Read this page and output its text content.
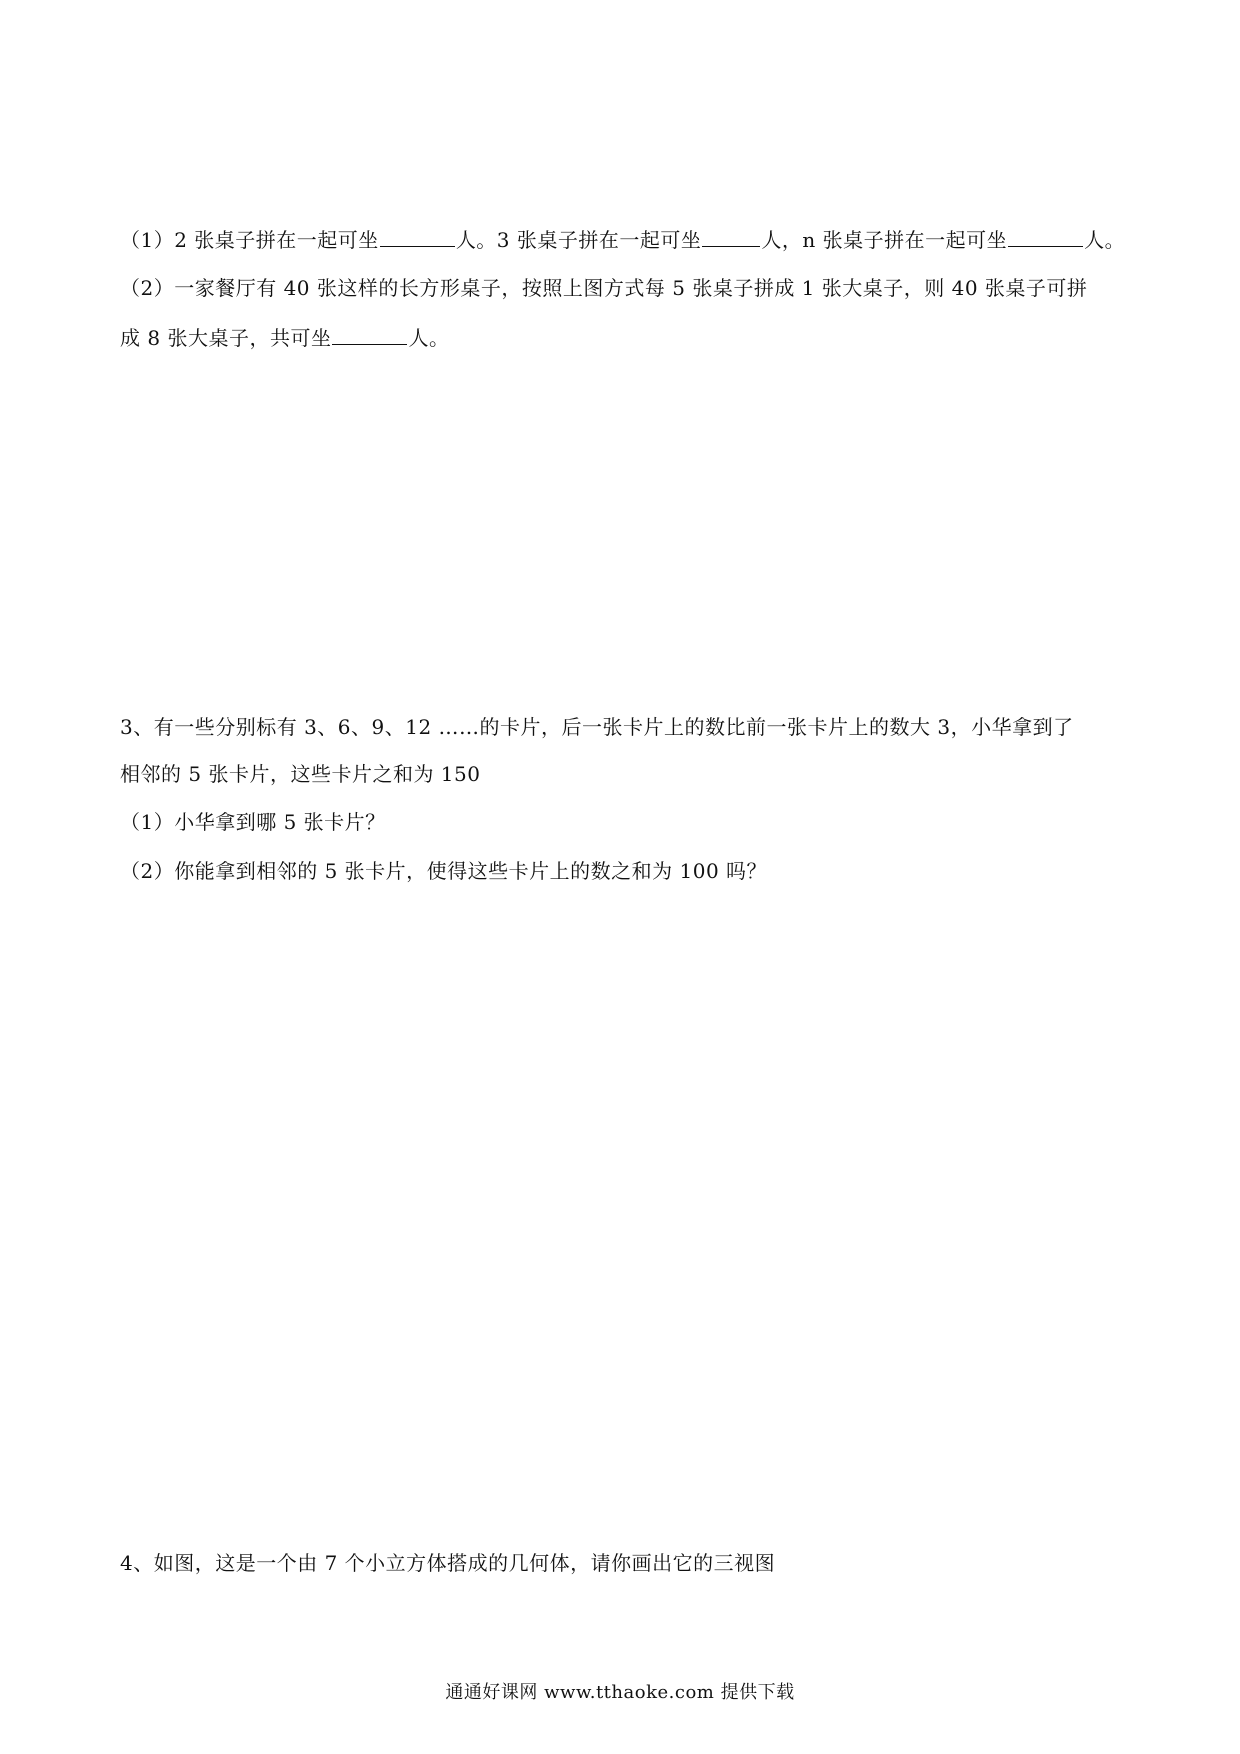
（1）2 张桌子拼在一起可坐	人。3 张桌子拼在一起可坐	人，n 张桌子拼在一起可坐	人。
（2）一家餐厅有 40 张这样的长方形桌子，按照上图方式每 5 张桌子拼成 1 张大桌子，则 40 张桌子可拼
成 8 张大桌子，共可坐	人。
3、有一些分别标有 3、6、9、12 ……的卡片，后一张卡片上的数比前一张卡片上的数大 3，小华拿到了
相邻的 5 张卡片，这些卡片之和为 150
（1）小华拿到哪 5 张卡片？
（2）你能拿到相邻的 5 张卡片，使得这些卡片上的数之和为 100 吗？
4、如图，这是一个由 7 个小立方体搭成的几何体，请你画出它的三视图
通通好课网 www.tthaoke.com 提供下载
